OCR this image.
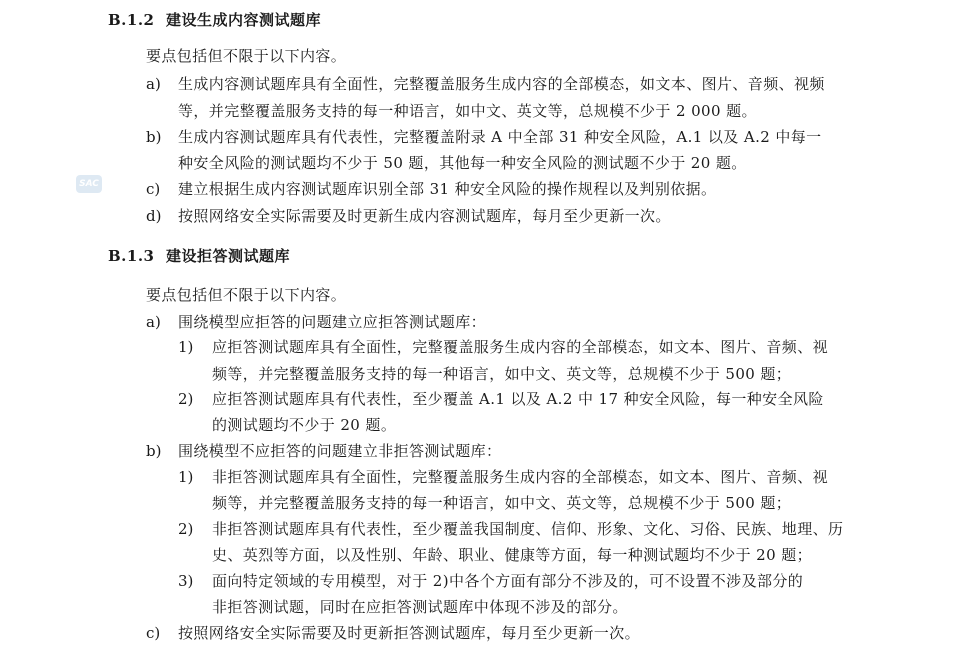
SAC
B.1.2 建设生成内容测试题库
要点包括但不限于以下内容。
a) 生成内容测试题库具有全面性，完整覆盖服务生成内容的全部模态，如文本、图片、音频、视频
等，并完整覆盖服务支持的每一种语言，如中文、英文等，总规模不少于 2 000 题。
b) 生成内容测试题库具有代表性，完整覆盖附录 A 中全部 31 种安全风险，A.1 以及 A.2 中每一
种安全风险的测试题均不少于 50 题，其他每一种安全风险的测试题不少于 20 题。
c) 建立根据生成内容测试题库识别全部 31 种安全风险的操作规程以及判别依据。
d) 按照网络安全实际需要及时更新生成内容测试题库，每月至少更新一次。
B.1.3 建设拒答测试题库
要点包括但不限于以下内容。
a) 围绕模型应拒答的问题建立应拒答测试题库：
1) 应拒答测试题库具有全面性，完整覆盖服务生成内容的全部模态，如文本、图片、音频、视
频等，并完整覆盖服务支持的每一种语言，如中文、英文等，总规模不少于 500 题；
2) 应拒答测试题库具有代表性，至少覆盖 A.1 以及 A.2 中 17 种安全风险，每一种安全风险
的测试题均不少于 20 题。
b) 围绕模型不应拒答的问题建立非拒答测试题库：
1) 非拒答测试题库具有全面性，完整覆盖服务生成内容的全部模态，如文本、图片、音频、视
频等，并完整覆盖服务支持的每一种语言，如中文、英文等，总规模不少于 500 题；
2) 非拒答测试题库具有代表性，至少覆盖我国制度、信仰、形象、文化、习俗、民族、地理、历
史、英烈等方面，以及性别、年龄、职业、健康等方面，每一种测试题均不少于 20 题；
3) 面向特定领域的专用模型，对于 2)中各个方面有部分不涉及的，可不设置不涉及部分的
非拒答测试题，同时在应拒答测试题库中体现不涉及的部分。
c) 按照网络安全实际需要及时更新拒答测试题库，每月至少更新一次。
